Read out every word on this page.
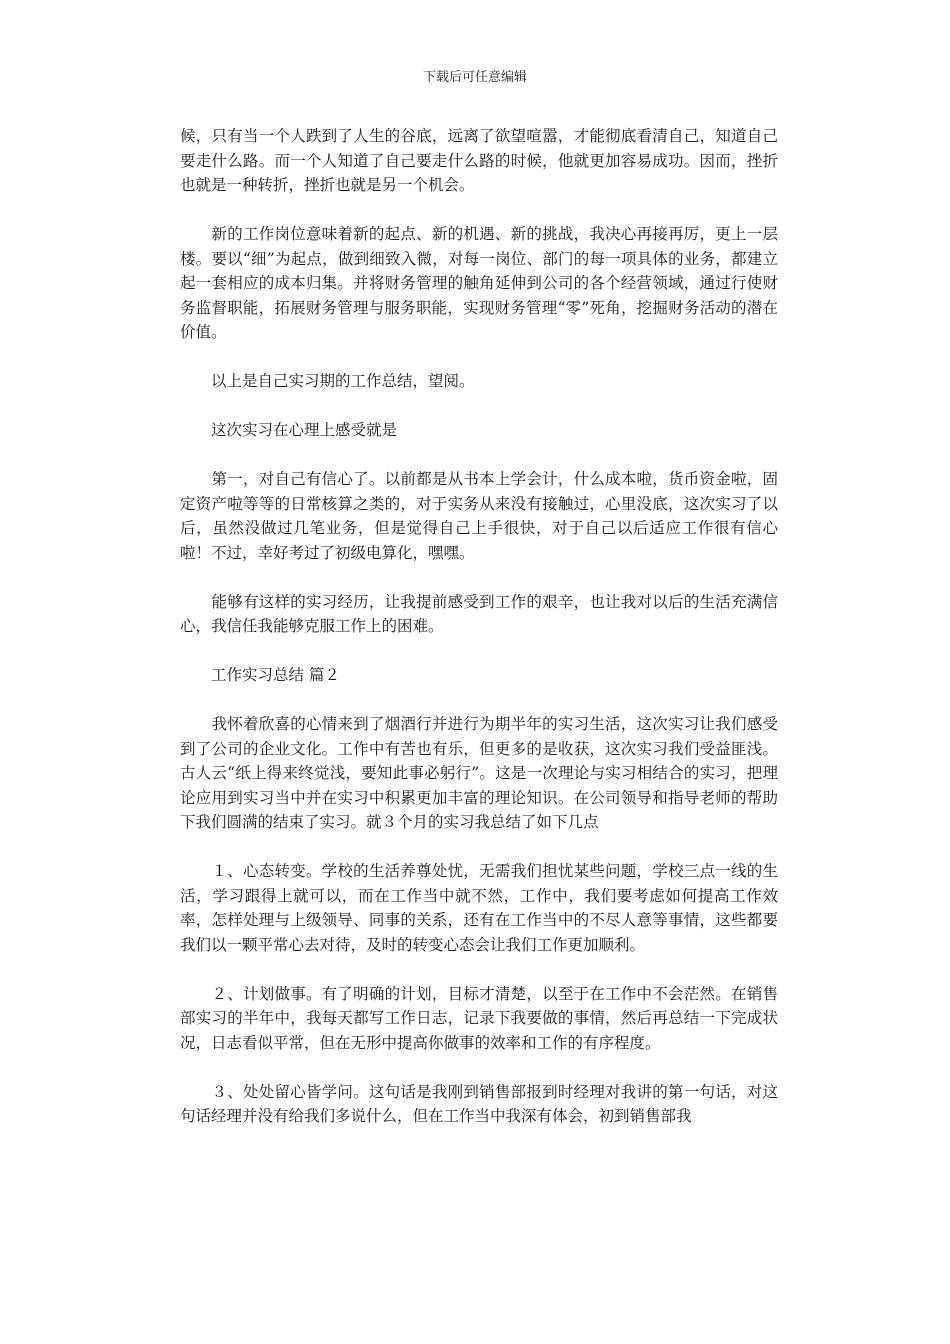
下载后可任意编辑

候，只有当一个人跌到了人生的谷底，远离了欲望喧嚣，才能彻底看清自己，知道自己要走什么路。而一个人知道了自己要走什么路的时候，他就更加容易成功。因而，挫折也就是一种转折，挫折也就是另一个机会。

　　新的工作岗位意味着新的起点、新的机遇、新的挑战，我决心再接再厉，更上一层楼。要以“细”为起点，做到细致入微，对每一岗位、部门的每一项具体的业务，都建立起一套相应的成本归集。并将财务管理的触角延伸到公司的各个经营领域，通过行使财务监督职能，拓展财务管理与服务职能，实现财务管理“零”死角，挖掘财务活动的潜在价值。

　　以上是自己实习期的工作总结，望阅。

　　这次实习在心理上感受就是

　　第一，对自己有信心了。以前都是从书本上学会计，什么成本啦，货币资金啦，固定资产啦等等的日常核算之类的，对于实务从来没有接触过，心里没底，这次实习了以后，虽然没做过几笔业务，但是觉得自己上手很快，对于自己以后适应工作很有信心啦！不过，幸好考过了初级电算化，嘿嘿。

　　能够有这样的实习经历，让我提前感受到工作的艰辛，也让我对以后的生活充满信心，我信任我能够克服工作上的困难。

　　工作实习总结 篇２

　　我怀着欣喜的心情来到了烟酒行并进行为期半年的实习生活，这次实习让我们感受到了公司的企业文化。工作中有苦也有乐，但更多的是收获，这次实习我们受益匪浅。古人云“纸上得来终觉浅，要知此事必躬行”。这是一次理论与实习相结合的实习，把理论应用到实习当中并在实习中积累更加丰富的理论知识。在公司领导和指导老师的帮助下我们圆满的结束了实习。就３个月的实习我总结了如下几点

　　１、心态转变。学校的生活养尊处忧，无需我们担忧某些问题，学校三点一线的生活，学习跟得上就可以，而在工作当中就不然，工作中，我们要考虑如何提高工作效率，怎样处理与上级领导、同事的关系，还有在工作当中的不尽人意等事情，这些都要我们以一颗平常心去对待，及时的转变心态会让我们工作更加顺利。

　　２、计划做事。有了明确的计划，目标才清楚，以至于在工作中不会茫然。在销售部实习的半年中，我每天都写工作日志，记录下我要做的事情，然后再总结一下完成状况，日志看似平常，但在无形中提高你做事的效率和工作的有序程度。

　　３、处处留心皆学问。这句话是我刚到销售部报到时经理对我讲的第一句话，对这句话经理并没有给我们多说什么，但在工作当中我深有体会，初到销售部我
